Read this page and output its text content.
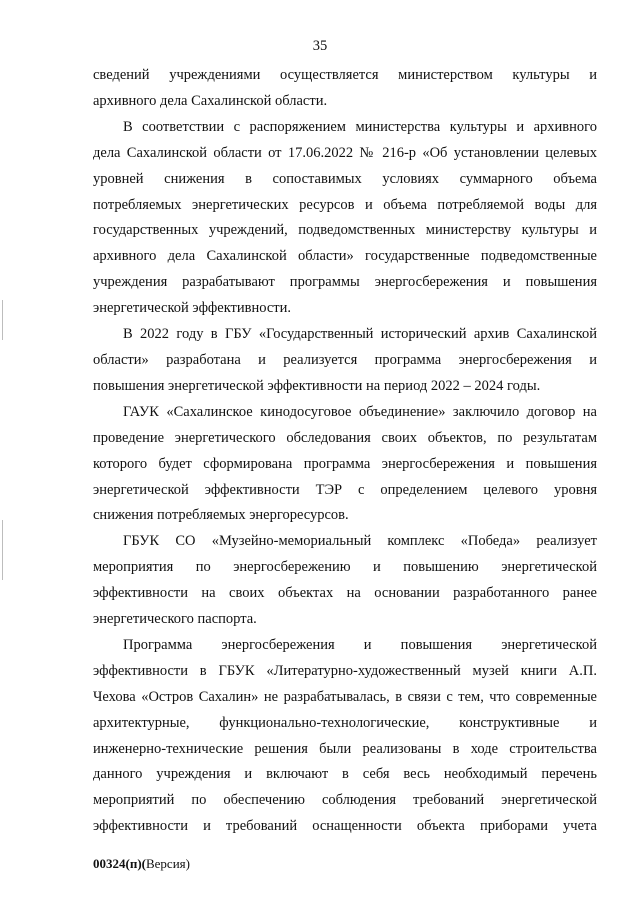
35

сведений учреждениями осуществляется министерством культуры и

архивного дела Сахалинской области.

В соответствии с распоряжением министерства культуры и архивного

дела Сахалинской области от 17.06.2022 № 216-р «Об установлении целевых

уровней снижения в сопоставимых условиях суммарного объема

потребляемых энергетических ресурсов и объема потребляемой воды для

государственных учреждений, подведомственных министерству культуры и

архивного дела Сахалинской области» государственные подведомственные

учреждения разрабатывают программы энергосбережения и повышения

энергетической эффективности.

В 2022 году в ГБУ «Государственный исторический архив Сахалинской

области» разработана и реализуется программа энергосбережения и

повышения энергетической эффективности на период 2022 – 2024 годы.

ГАУК «Сахалинское кинодосуговое объединение» заключило договор на

проведение энергетического обследования своих объектов, по результатам

которого будет сформирована программа энергосбережения и повышения

энергетической эффективности ТЭР с определением целевого уровня

снижения потребляемых энергоресурсов.

ГБУК СО «Музейно-мемориальный комплекс «Победа» реализует

мероприятия по энергосбережению и повышению энергетической

эффективности на своих объектах на основании разработанного ранее

энергетического паспорта.

Программа энергосбережения и повышения энергетической

эффективности в ГБУК «Литературно-художественный музей книги А.П.

Чехова «Остров Сахалин» не разрабатывалась, в связи с тем, что современные

архитектурные, функционально-технологические, конструктивные и

инженерно-технические решения были реализованы в ходе строительства

данного учреждения и включают в себя весь необходимый перечень

мероприятий по обеспечению соблюдения требований энергетической

эффективности и требований оснащенности объекта приборами учета

00324(п)(Версия)
